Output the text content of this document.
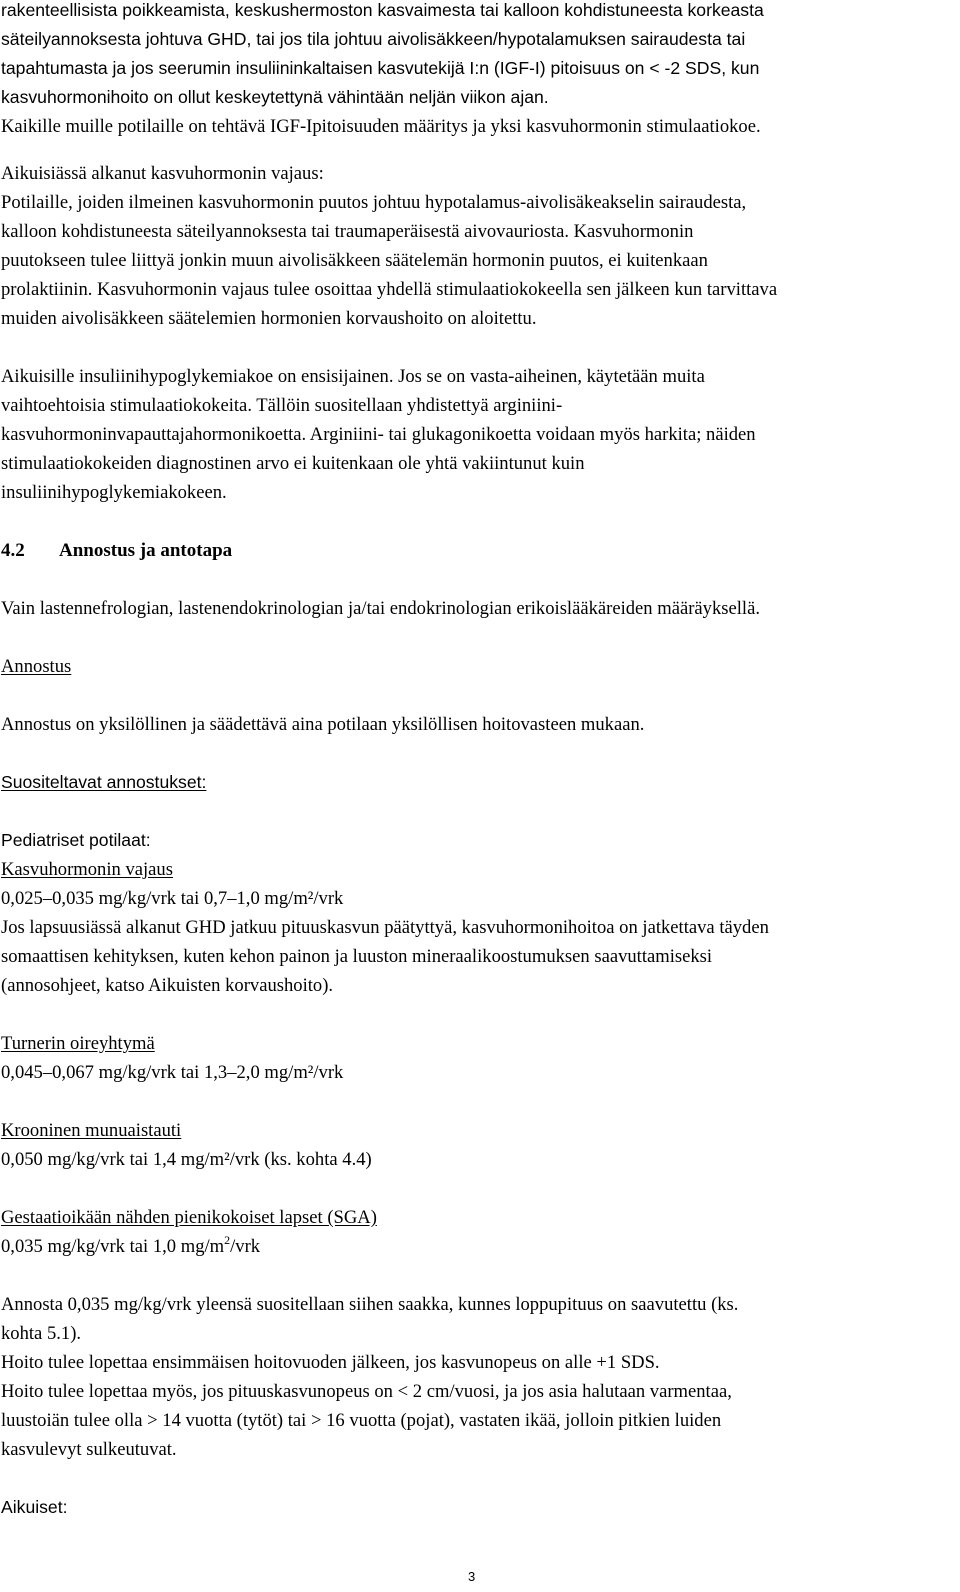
rakenteellisista poikkeamista, keskushermoston kasvaimesta tai kalloon kohdistuneesta korkeasta
säteilyannoksesta johtuva GHD, tai jos tila johtuu aivolisäkkeen/hypotalamuksen sairaudesta tai
tapahtumasta ja jos seerumin insuliininkaltaisen kasvutekijä I:n (IGF-I) pitoisuus on < -2 SDS, kun
kasvuhormonihoito on ollut keskeytettynä vähintään neljän viikon ajan.
Kaikille muille potilaille on tehtävä IGF-Ipitoisuuden määritys ja yksi kasvuhormonin stimulaatiokoe.
Aikuisiässä alkanut kasvuhormonin vajaus:
Potilaille, joiden ilmeinen kasvuhormonin puutos johtuu hypotalamus-aivolisäkeakselin sairaudesta,
kalloon kohdistuneesta säteilyannoksesta tai traumaperäisestä aivovauriosta. Kasvuhormonin
puutokseen tulee liittyä jonkin muun aivolisäkkeen säätelemän hormonin puutos, ei kuitenkaan
prolaktiinin. Kasvuhormonin vajaus tulee osoittaa yhdellä stimulaatiokokeella sen jälkeen kun tarvittava
muiden aivolisäkkeen säätelemien hormonien korvaushoito on aloitettu.
Aikuisille insuliinihypoglykemiakoe on ensisijainen. Jos se on vasta-aiheinen, käytetään muita
vaihtoehtoisia stimulaatiokokeita. Tällöin suositellaan yhdistettyä arginiini-
kasvuhormoninvapauttajahormonikoetta. Arginiini- tai glukagonikoetta voidaan myös harkita; näiden
stimulaatiokokeiden diagnostinen arvo ei kuitenkaan ole yhtä vakiintunut kuin
insuliinihypoglykemiakokeen.
4.2 Annostus ja antotapa
Vain lastennefrologian, lastenendokrinologian ja/tai endokrinologian erikoislääkäreiden määräyksellä.
Annostus
Annostus on yksilöllinen ja säädettävä aina potilaan yksilöllisen hoitovasteen mukaan.
Suositeltavat annostukset:
Pediatriset potilaat:
Kasvuhormonin vajaus
0,025–0,035 mg/kg/vrk tai 0,7–1,0 mg/m²/vrk
Jos lapsuusiässä alkanut GHD jatkuu pituuskasvun päätyttyä, kasvuhormonihoitoa on jatkettava täyden
somaattisen kehityksen, kuten kehon painon ja luuston mineraalikoostumuksen saavuttamiseksi
(annosohjeet, katso Aikuisten korvaushoito).
Turnerin oireyhtymä
0,045–0,067 mg/kg/vrk tai 1,3–2,0 mg/m²/vrk
Krooninen munuaistauti
0,050 mg/kg/vrk tai 1,4 mg/m²/vrk (ks. kohta 4.4)
Gestaatioikään nähden pienikokoiset lapset (SGA)
0,035 mg/kg/vrk tai 1,0 $mg/m^2$/vrk
Annosta 0,035 mg/kg/vrk yleensä suositellaan siihen saakka, kunnes loppupituus on saavutettu (ks.
kohta 5.1).
Hoito tulee lopettaa ensimmäisen hoitovuoden jälkeen, jos kasvunopeus on alle +1 SDS.
Hoito tulee lopettaa myös, jos pituuskasvunopeus on < 2 cm/vuosi, ja jos asia halutaan varmentaa,
luustoiän tulee olla > 14 vuotta (tytöt) tai > 16 vuotta (pojat), vastaten ikää, jolloin pitkien luiden
kasvulevyt sulkeutuvat.
Aikuiset:
3
